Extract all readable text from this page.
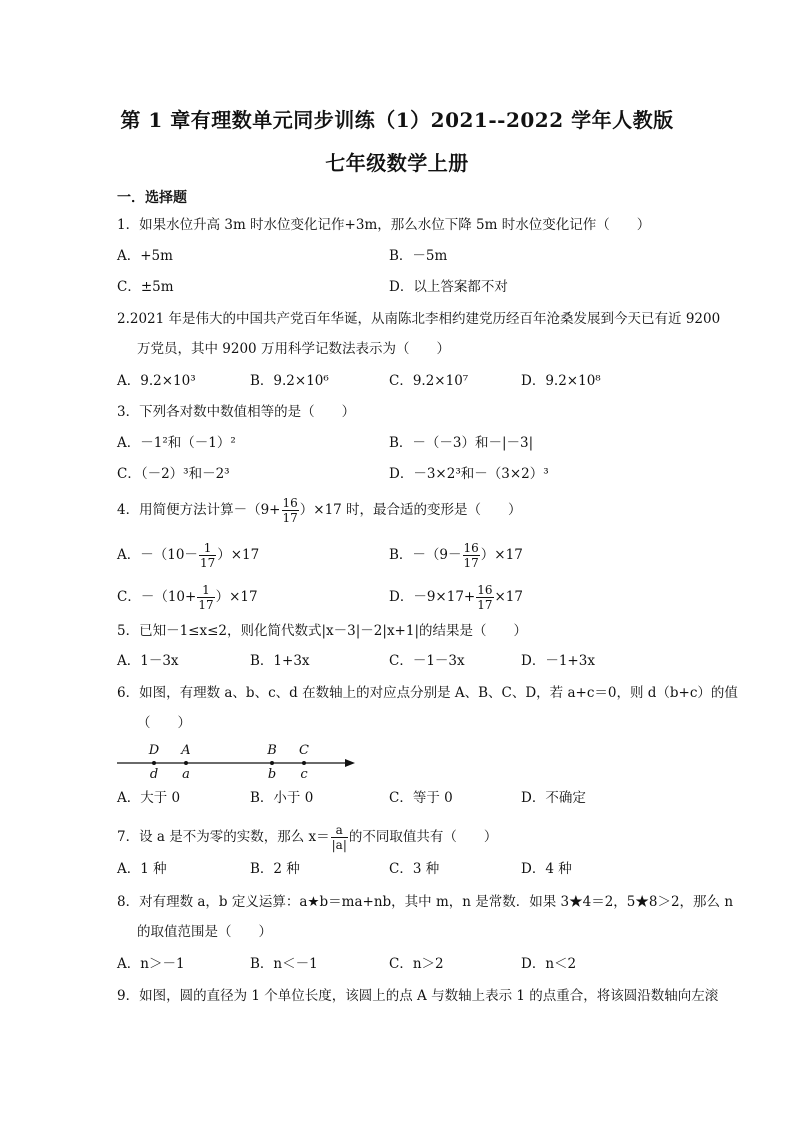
第 1 章有理数单元同步训练（1）2021--2022 学年人教版
七年级数学上册
一．选择题
1．如果水位升高 3m 时水位变化记作+3m，那么水位下降 5m 时水位变化记作（　　）
A．+5m	B．－5m
C．±5m	D．以上答案都不对
2.2021 年是伟大的中国共产党百年华诞，从南陈北李相约建党历经百年沧桑发展到今天已有近 9200
万党员，其中 9200 万用科学记数法表示为（　　）
A．9.2×10³	B．9.2×10⁶	C．9.2×10⁷	D．9.2×10⁸
3．下列各对数中数值相等的是（　　）
A．－1²和（－1）²	B．－（－3）和－|－3|
C．（－2）³和－2³	D．－3×2³和－（3×2）³
4．用简便方法计算$-(9+ \frac{16}{17} )\times 17$ 时，最合适的变形是（　　）
A．$-(10- \frac{1}{17} )\times 17$	B．$-(9- \frac{16}{17} )\times 17$
C．$-(10+ \frac{1}{17} )\times 17$	D．$-9\times 17+ \frac{16}{17} \times 17$
5．已知－1≤x≤2，则化简代数式|x－3|－2|x+1|的结果是（　　）
A．1－3x	B．1+3x	C．－1－3x	D．－1+3x
6．如图，有理数 a、b、c、d 在数轴上的对应点分别是 A、B、C、D，若 a+c＝0，则 d（b+c）的值
（　　）
D A	B C
d a	b c
A．大于 0	B．小于 0	C．等于 0	D．不确定
7．设 a 是不为零的实数，那么 $x= \frac{a}{|a|}$ 的不同取值共有（　　）
A．1 种	B．2 种	C．3 种	D．4 种
8．对有理数 a，b 定义运算：a★b＝ma+nb，其中 m，n 是常数．如果 3★4＝2，5★8＞2，那么 n
的取值范围是（　　）
A．n＞－1	B．n＜－1	C．n＞2	D．n＜2
9．如图，圆的直径为 1 个单位长度，该圆上的点 A 与数轴上表示 1 的点重合，将该圆沿数轴向左滚
